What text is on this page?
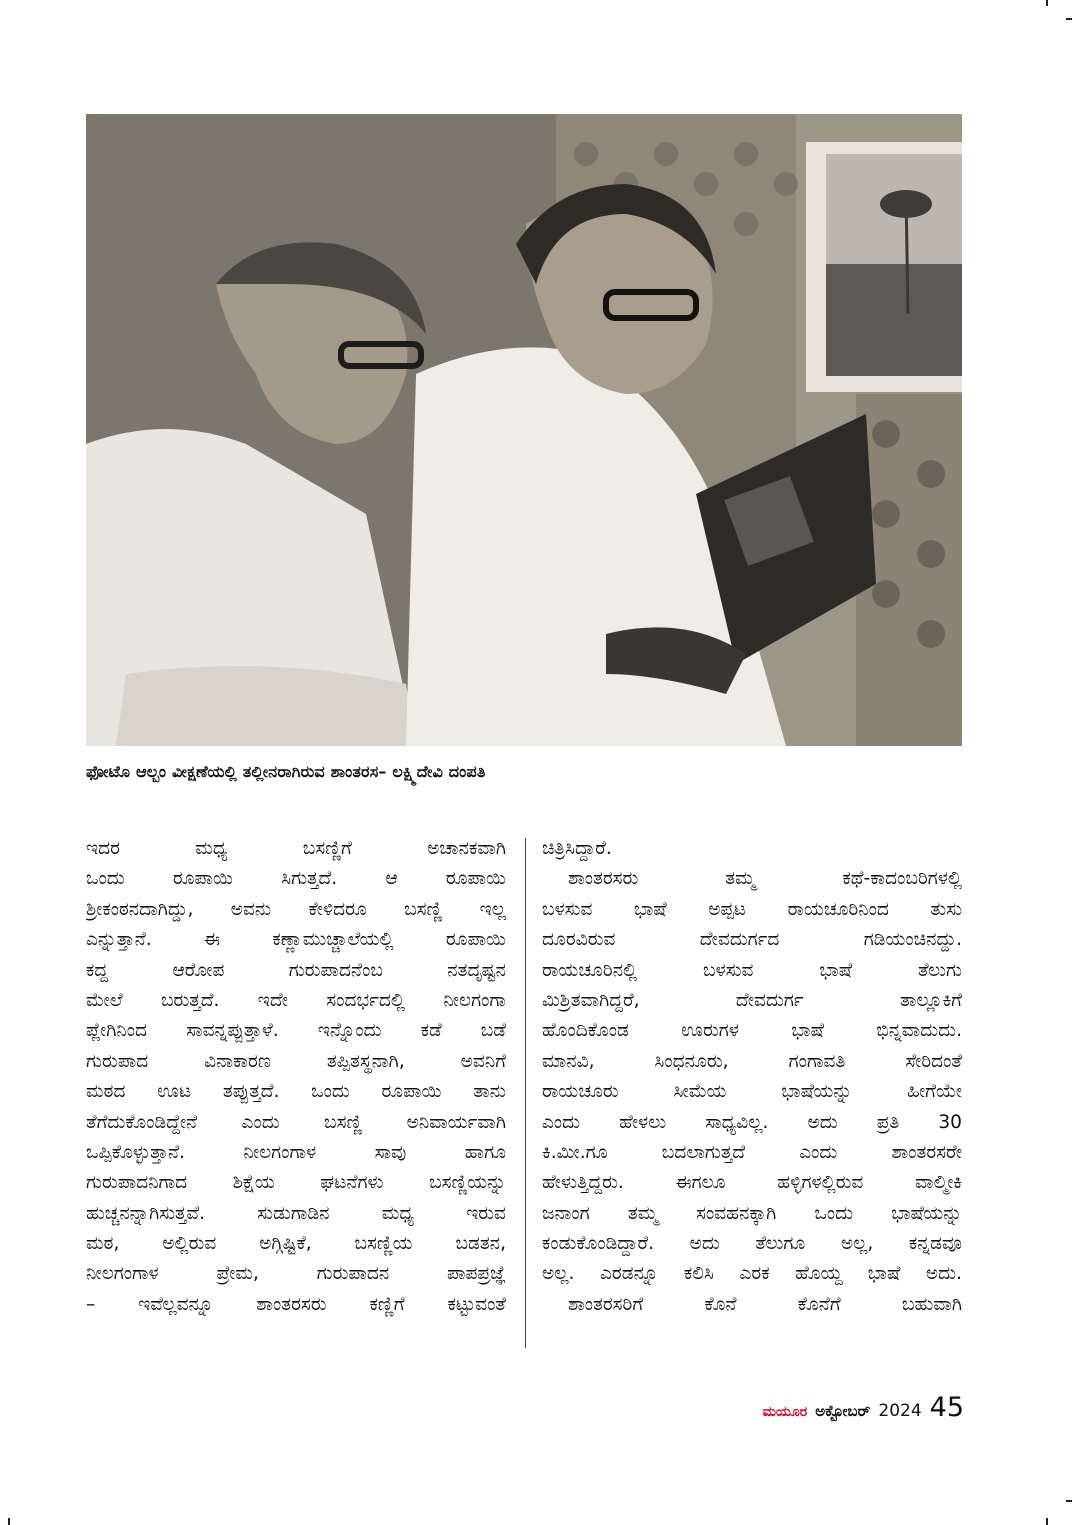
ಫೋಟೊ ಆಲ್ಬಂ ವೀಕ್ಷಣೆಯಲ್ಲಿ ತಲ್ಲೀನರಾಗಿರುವ ಶಾಂತರಸ– ಲಕ್ಷ್ಮಿದೇವಿ ದಂಪತಿ
ಇದರ ಮಧ್ಯ ಬಸಣ್ಣಿಗೆ ಅಚಾನಕವಾಗಿ
ಒಂದು ರೂಪಾಯಿ ಸಿಗುತ್ತದೆ. ಆ ರೂಪಾಯಿ
ಶ್ರೀಕಂಠನದಾಗಿದ್ದು, ಅವನು ಕೇಳಿದರೂ ಬಸಣ್ಣಿ ಇಲ್ಲ
ಎನ್ನುತ್ತಾನೆ. ಈ ಕಣ್ಣಾಮುಚ್ಚಾಲೆಯಲ್ಲಿ ರೂಪಾಯಿ
ಕದ್ದ ಆರೋಪ ಗುರುಪಾದನೆಂಬ ನತದೃಷ್ಟನ
ಮೇಲೆ ಬರುತ್ತದೆ. ಇದೇ ಸಂದರ್ಭದಲ್ಲಿ ನೀಲಗಂಗಾ
ಪ್ಲೇಗಿನಿಂದ ಸಾವನ್ನಪ್ಪುತ್ತಾಳೆ. ಇನ್ನೊಂದು ಕಡೆ ಬಡೆ
ಗುರುಪಾದ ವಿನಾಕಾರಣ ತಪ್ಪಿತಸ್ಥನಾಗಿ, ಅವನಿಗೆ
ಮಠದ ಊಟ ತಪ್ಪುತ್ತದೆ. ಒಂದು ರೂಪಾಯಿ ತಾನು
ತೆಗೆದುಕೊಂಡಿದ್ದೇನೆ ಎಂದು ಬಸಣ್ಣಿ ಅನಿವಾರ್ಯವಾಗಿ
ಒಪ್ಪಿಕೊಳ್ಳುತ್ತಾನೆ. ನೀಲಗಂಗಾಳ ಸಾವು ಹಾಗೂ
ಗುರುಪಾದನಿಗಾದ ಶಿಕ್ಷೆಯ ಘಟನೆಗಳು ಬಸಣ್ಣಿಯನ್ನು
ಹುಚ್ಚನನ್ನಾಗಿಸುತ್ತವೆ. ಸುಡುಗಾಡಿನ ಮಧ್ಯ ಇರುವ
ಮಠ, ಅಲ್ಲಿರುವ ಅಗ್ಗಿಷ್ಟಿಕೆ, ಬಸಣ್ಣಿಯ ಬಡತನ,
ನೀಲಗಂಗಾಳ ಪ್ರೇಮ, ಗುರುಪಾದನ ಪಾಪಪ್ರಜ್ಞೆ
– ಇವೆಲ್ಲವನ್ನೂ ಶಾಂತರಸರು ಕಣ್ಣಿಗೆ ಕಟ್ಟುವಂತೆ
ಚಿತ್ರಿಸಿದ್ದಾರೆ.
ಶಾಂತರಸರು ತಮ್ಮ ಕಥೆ-ಕಾದಂಬರಿಗಳಲ್ಲಿ
ಬಳಸುವ ಭಾಷೆ ಅಪ್ಪಟ ರಾಯಚೂರಿನಿಂದ ತುಸು
ದೂರವಿರುವ ದೇವದುರ್ಗದ ಗಡಿಯಂಚಿನದ್ದು.
ರಾಯಚೂರಿನಲ್ಲಿ ಬಳಸುವ ಭಾಷೆ ತೆಲುಗು
ಮಿಶ್ರಿತವಾಗಿದ್ದರೆ, ದೇವದುರ್ಗ ತಾಲ್ಲೂಕಿಗೆ
ಹೊಂದಿಕೊಂಡ ಊರುಗಳ ಭಾಷೆ ಭಿನ್ನವಾದುದು.
ಮಾನವಿ, ಸಿಂಧನೂರು, ಗಂಗಾವತಿ ಸೇರಿದಂತೆ
ರಾಯಚೂರು ಸೀಮೆಯ ಭಾಷೆಯನ್ನು ಹೀಗೆಯೇ
ಎಂದು ಹೇಳಲು ಸಾಧ್ಯವಿಲ್ಲ. ಅದು ಪ್ರತಿ 30
ಕಿ.ಮೀ.ಗೂ ಬದಲಾಗುತ್ತದೆ ಎಂದು ಶಾಂತರಸರೇ
ಹೇಳುತ್ತಿದ್ದರು. ಈಗಲೂ ಹಳ್ಳಿಗಳಲ್ಲಿರುವ ವಾಲ್ಮೀಕಿ
ಜನಾಂಗ ತಮ್ಮ ಸಂವಹನಕ್ಕಾಗಿ ಒಂದು ಭಾಷೆಯನ್ನು
ಕಂಡುಕೊಂಡಿದ್ದಾರೆ. ಅದು ತೆಲುಗೂ ಅಲ್ಲ, ಕನ್ನಡವೂ
ಅಲ್ಲ. ಎರಡನ್ನೂ ಕಲಿಸಿ ಎರಕ ಹೊಯ್ದ ಭಾಷೆ ಅದು.
ಶಾಂತರಸರಿಗೆ ಕೊನೆ ಕೊನೆಗೆ ಬಹುವಾಗಿ
ಮಯೂರ ಅಕ್ಟೋಬರ್ 2024 45
